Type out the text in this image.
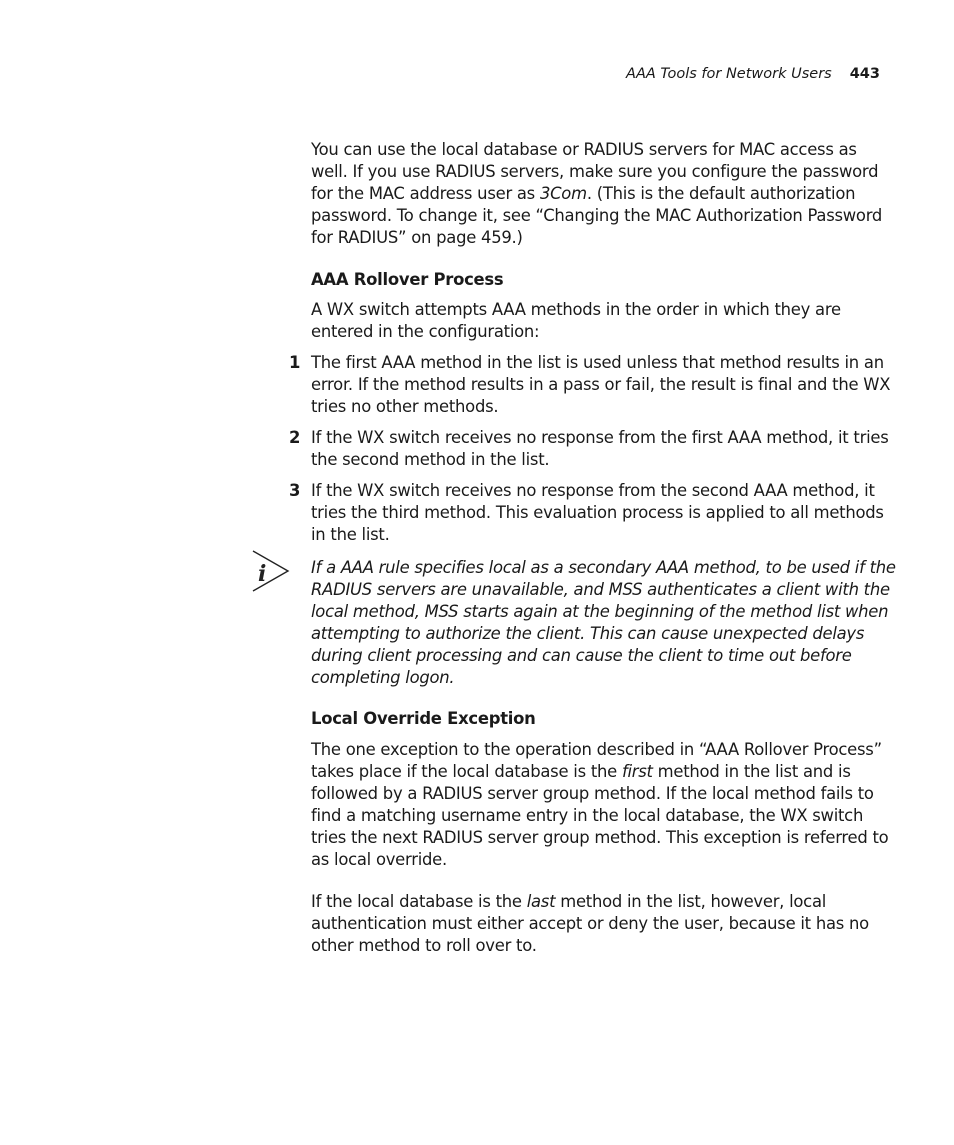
AAA Tools for Network Users 443

You can use the local database or RADIUS servers for MAC access as well. If you use RADIUS servers, make sure you configure the password for the MAC address user as 3Com. (This is the default authorization password. To change it, see “Changing the MAC Authorization Password for RADIUS” on page 459.)

AAA Rollover Process

A WX switch attempts AAA methods in the order in which they are entered in the configuration:

1 The first AAA method in the list is used unless that method results in an error. If the method results in a pass or fail, the result is final and the WX tries no other methods.
2 If the WX switch receives no response from the first AAA method, it tries the second method in the list.
3 If the WX switch receives no response from the second AAA method, it tries the third method. This evaluation process is applied to all methods in the list.
i	If a AAA rule specifies local as a secondary AAA method, to be used if the RADIUS servers are unavailable, and MSS authenticates a client with the local method, MSS starts again at the beginning of the method list when attempting to authorize the client. This can cause unexpected delays during client processing and can cause the client to time out before completing logon.

Local Override Exception

The one exception to the operation described in “AAA Rollover Process” takes place if the local database is the first method in the list and is followed by a RADIUS server group method. If the local method fails to find a matching username entry in the local database, the WX switch tries the next RADIUS server group method. This exception is referred to as local override.

If the local database is the last method in the list, however, local authentication must either accept or deny the user, because it has no other method to roll over to.
